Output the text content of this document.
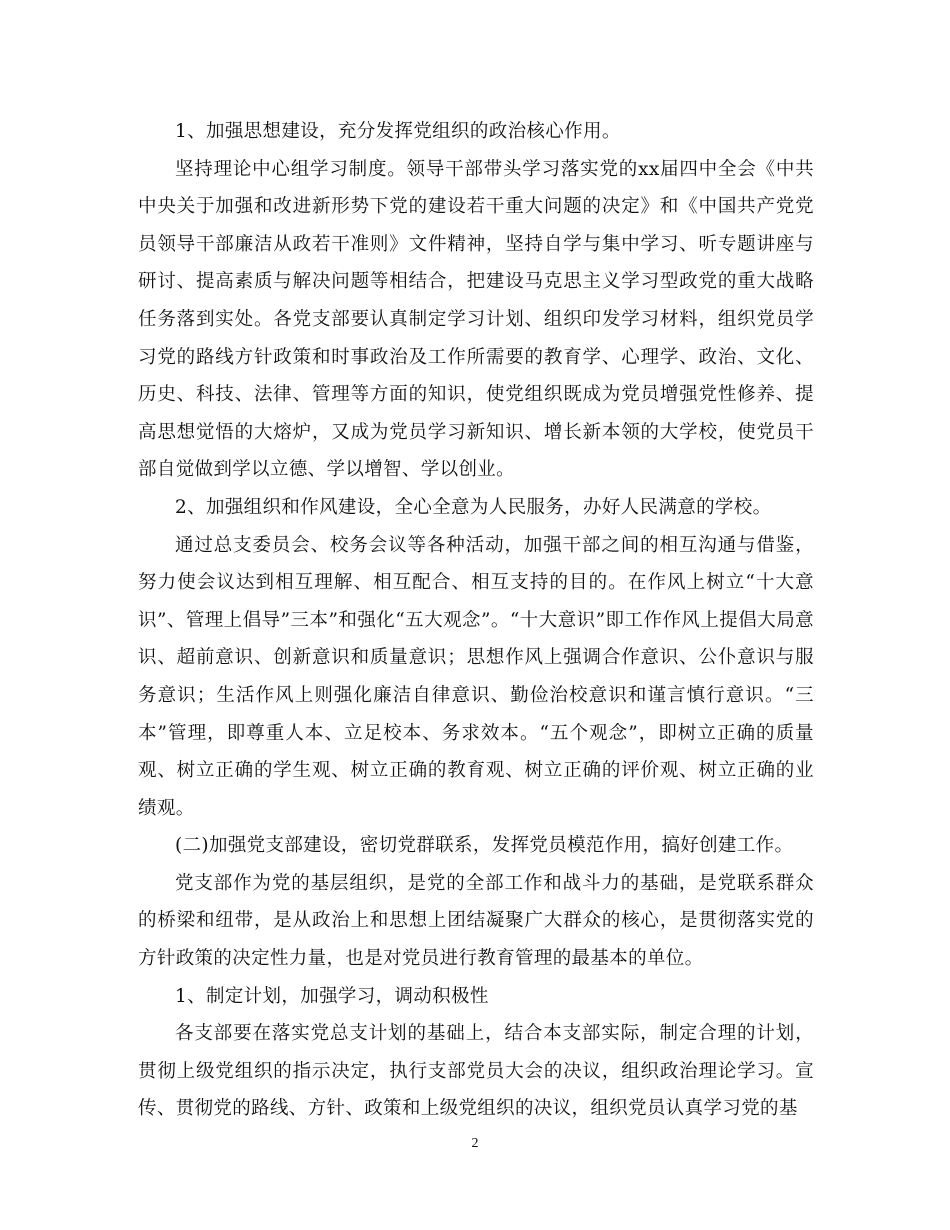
1、加强思想建设，充分发挥党组织的政治核心作用。

坚持理论中心组学习制度。领导干部带头学习落实党的xx届四中全会《中共中央关于加强和改进新形势下党的建设若干重大问题的决定》和《中国共产党党员领导干部廉洁从政若干准则》文件精神，坚持自学与集中学习、听专题讲座与研讨、提高素质与解决问题等相结合，把建设马克思主义学习型政党的重大战略任务落到实处。各党支部要认真制定学习计划、组织印发学习材料，组织党员学习党的路线方针政策和时事政治及工作所需要的教育学、心理学、政治、文化、历史、科技、法律、管理等方面的知识，使党组织既成为党员增强党性修养、提高思想觉悟的大熔炉，又成为党员学习新知识、增长新本领的大学校，使党员干部自觉做到学以立德、学以增智、学以创业。

2、加强组织和作风建设，全心全意为人民服务，办好人民满意的学校。

通过总支委员会、校务会议等各种活动，加强干部之间的相互沟通与借鉴，努力使会议达到相互理解、相互配合、相互支持的目的。在作风上树立“十大意识”、管理上倡导”三本”和强化“五大观念”。“十大意识”即工作作风上提倡大局意识、超前意识、创新意识和质量意识；思想作风上强调合作意识、公仆意识与服务意识；生活作风上则强化廉洁自律意识、勤俭治校意识和谨言慎行意识。“三本”管理，即尊重人本、立足校本、务求效本。“五个观念”，即树立正确的质量观、树立正确的学生观、树立正确的教育观、树立正确的评价观、树立正确的业绩观。

(二)加强党支部建设，密切党群联系，发挥党员模范作用，搞好创建工作。

党支部作为党的基层组织，是党的全部工作和战斗力的基础，是党联系群众的桥梁和纽带，是从政治上和思想上团结凝聚广大群众的核心，是贯彻落实党的方针政策的决定性力量，也是对党员进行教育管理的最基本的单位。

1、制定计划，加强学习，调动积极性

各支部要在落实党总支计划的基础上，结合本支部实际，制定合理的计划，贯彻上级党组织的指示决定，执行支部党员大会的决议，组织政治理论学习。宣传、贯彻党的路线、方针、政策和上级党组织的决议，组织党员认真学习党的基

2
